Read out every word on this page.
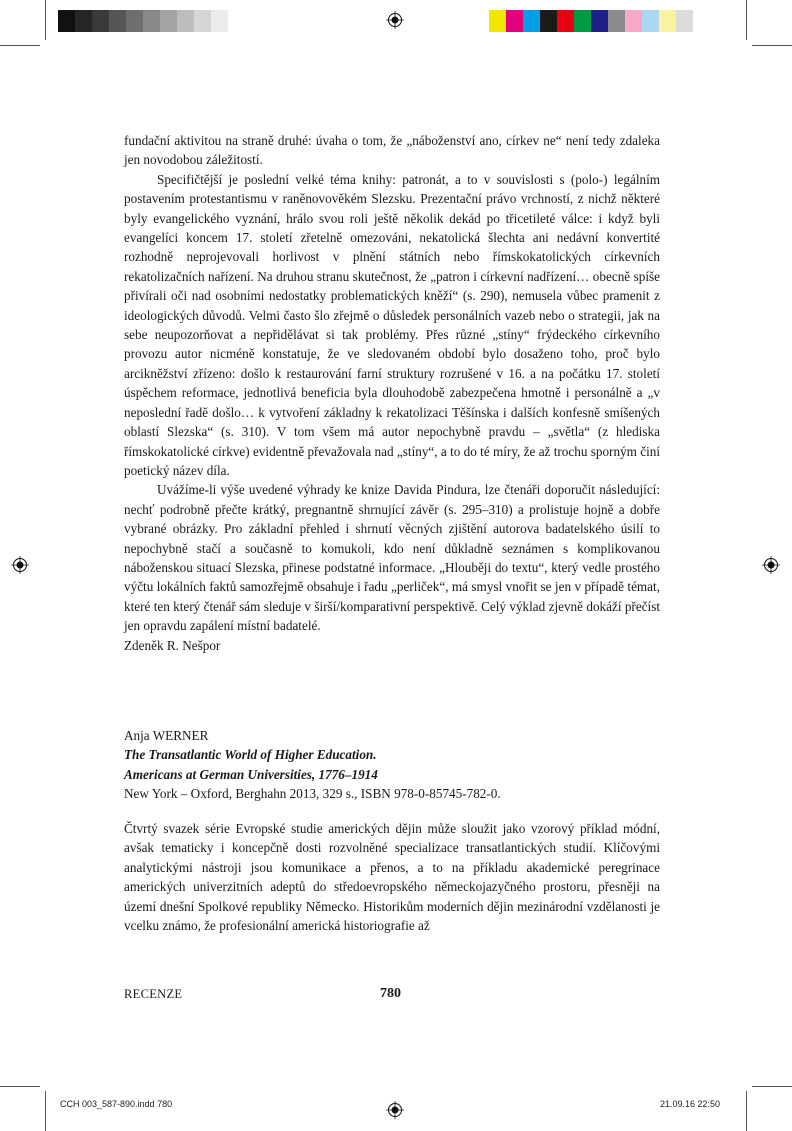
fundační aktivitou na straně druhé: úvaha o tom, že „náboženství ano, církev ne“ není tedy zdaleka jen novodobou záležitostí.

Specifičtější je poslední velké téma knihy: patronát, a to v souvislosti s (polo-) legálním postavením protestantismu v raněnovověkém Slezsku. Prezentační právo vrchností, z nichž některé byly evangelického vyznání, hrálo svou roli ještě několik dekád po třicetileté válce: i když byli evangelíci koncem 17. století zřetelně omezováni, nekatolická šlechta ani nedávní konvertité rozhodně neprojevovali horlivost v plnění státních nebo římskokatolických církevních rekatolizačních nařízení. Na druhou stranu skutečnost, že „patron i církevní nadřízení… obecně spíše přivírali oči nad osobními nedostatky problematických kněží“ (s. 290), nemusela vůbec pramenit z ideologických důvodů. Velmi často šlo zřejmě o důsledek personálních vazeb nebo o strategii, jak na sebe neupozorňovat a nepřidělávat si tak problémy. Přes různé „stíny“ frýdeckého církevního provozu autor nicméně konstatuje, že ve sledovaném období bylo dosaženo toho, proč bylo arcikněžství zřízeno: došlo k restaurování farní struktury rozrušené v 16. a na počátku 17. století úspěchem reformace, jednotlivá beneficia byla dlouhodobě zabezpečena hmotně i personálně a „v neposlední řadě došlo… k vytvoření základny k rekatolizaci Těšínska i dalších konfesně smíšených oblastí Slezska“ (s. 310). V tom všem má autor nepochybně pravdu – „světla“ (z hlediska římskokatolické církve) evidentně převažovala nad „stíny“, a to do té míry, že až trochu sporným činí poetický název díla.

Uvážíme-li výše uvedené výhrady ke knize Davida Pindura, lze čtenáři doporučit následující: nechť podrobně přečte krátký, pregnantně shrnující závěr (s. 295–310) a prolistuje hojně a dobře vybrané obrázky. Pro základní přehled i shrnutí věcných zjištění autorova badatelského úsilí to nepochybně stačí a současně to komukoli, kdo není důkladně seznámen s komplikovanou náboženskou situací Slezska, přinese podstatné informace. „Hlouběji do textu“, který vedle prostého výčtu lokálních faktů samozřejmě obsahuje i řadu „perliček“, má smysl vnořit se jen v případě témat, které ten který čtenář sám sleduje v širší/komparativní perspektivě. Celý výklad zjevně dokáží přečíst jen opravdu zapálení místní badatelé.

Zdeněk R. Nešpor

Anja WERNER
The Transatlantic World of Higher Education.
Americans at German Universities, 1776–1914
New York – Oxford, Berghahn 2013, 329 s., ISBN 978-0-85745-782-0.

Čtvrtý svazek série Evropské studie amerických dějin může sloužit jako vzorový příklad módní, avšak tematicky i koncepčně dosti rozvolněné specializace transatlantických studií. Klíčovými analytickými nástroji jsou komunikace a přenos, a to na příkladu akademické peregrinace amerických univerzitních adeptů do středoevropského německojazyčného prostoru, přesněji na území dnešní Spolkové republiky Německo. Historikům moderních dějin mezinárodní vzdělanosti je vcelku známo, že profesionální americká historiografie až

RECENZE	780
CCH 003_587-890.indd 780	21.09.16 22:50
